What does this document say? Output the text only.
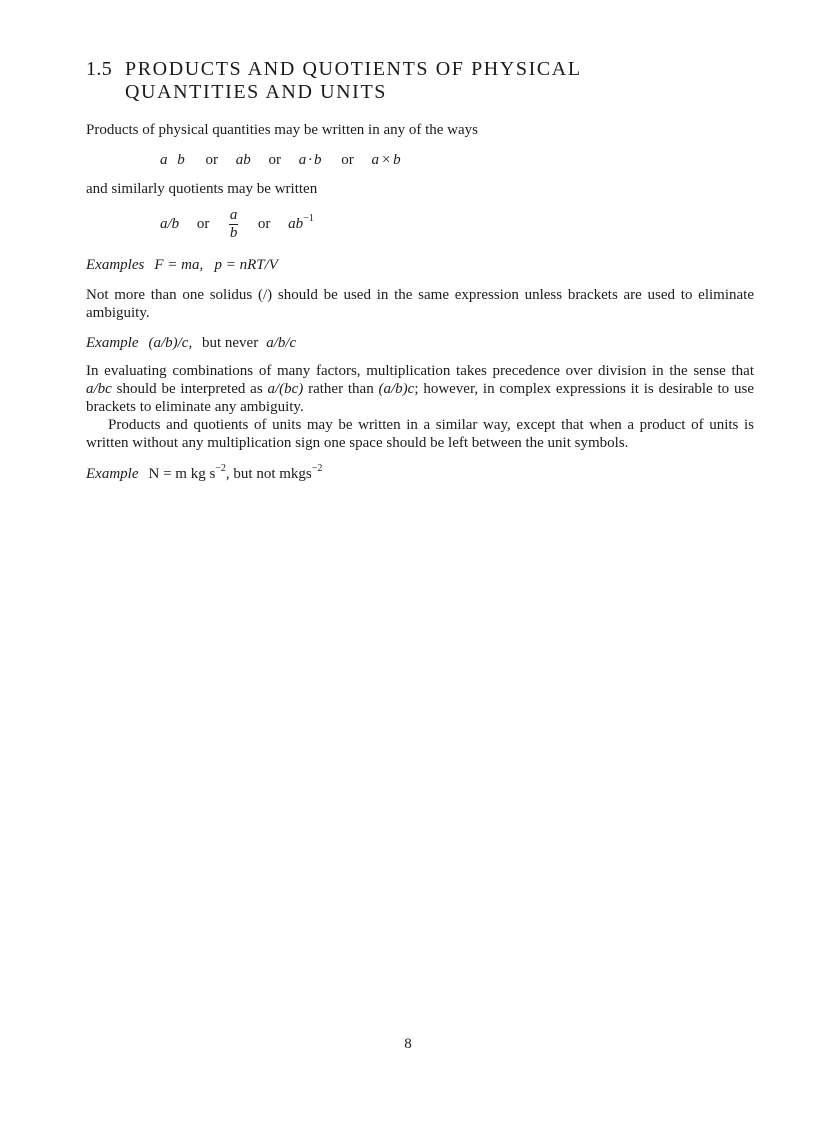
1.5 PRODUCTS AND QUOTIENTS OF PHYSICAL
QUANTITIES AND UNITS
Products of physical quantities may be written in any of the ways
a b or ab or a·b or a×b
and similarly quotients may be written
a/b or $\frac{a}{b}$ or $ab^{-1}$
Examples F = ma,   p = nRT/V
Not more than one solidus (/) should be used in the same expression unless brackets are used to eliminate ambiguity.
Example (a/b)/c, but never a/b/c
In evaluating combinations of many factors, multiplication takes precedence over division in the sense that a/bc should be interpreted as a/(bc) rather than (a/b)c; however, in complex expressions it is desirable to use brackets to eliminate any ambiguity.
Products and quotients of units may be written in a similar way, except that when a product of units is written without any multiplication sign one space should be left between the unit symbols.
Example N = m kg $s^{-2}$, but not mkgs$^{-2}$
8
